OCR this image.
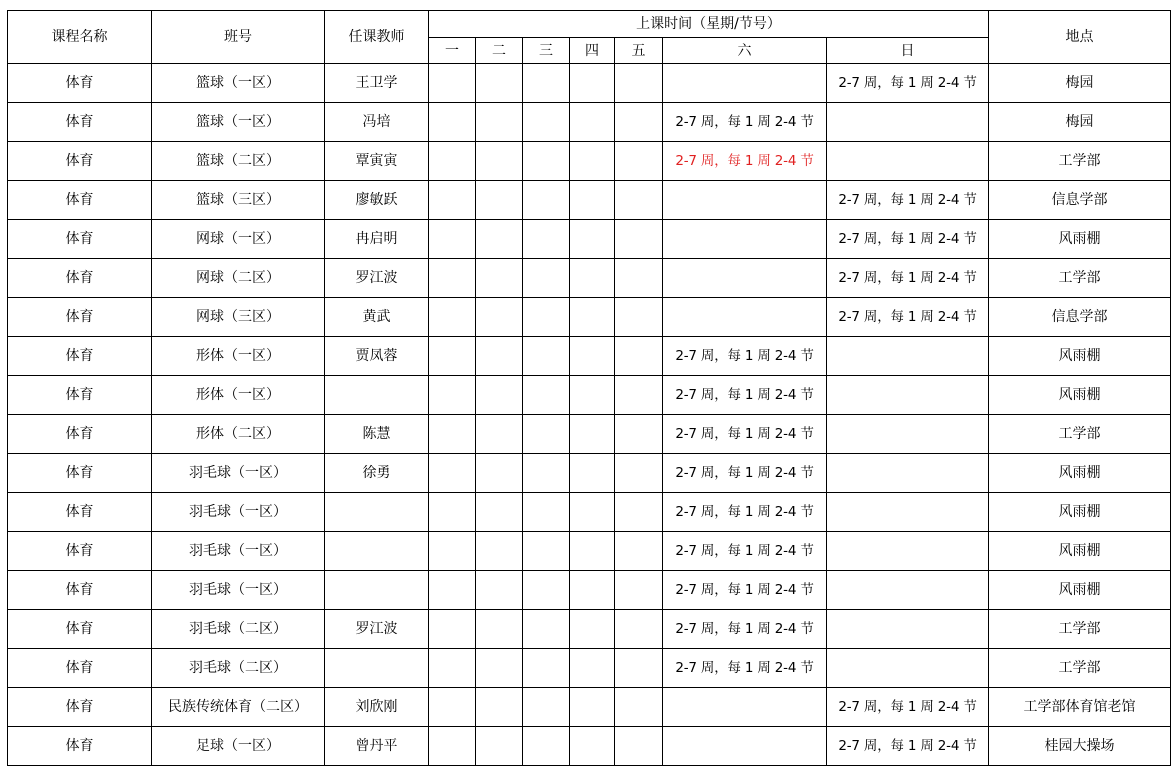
课程名称	班号	任课教师	上课时间（星期/节号）							地点
			一	二	三	四	五	六	日	
体育	篮球（一区）	王卫学							2-7 周，每 1 周 2-4 节	梅园
体育	篮球（一区）	冯培						2-7 周，每 1 周 2-4 节		梅园
体育	篮球（二区）	覃寅寅						2-7 周，每 1 周 2-4 节		工学部
体育	篮球（三区）	廖敏跃							2-7 周，每 1 周 2-4 节	信息学部
体育	网球（一区）	冉启明							2-7 周，每 1 周 2-4 节	风雨棚
体育	网球（二区）	罗江波							2-7 周，每 1 周 2-4 节	工学部
体育	网球（三区）	黄武							2-7 周，每 1 周 2-4 节	信息学部
体育	形体（一区）	贾凤蓉						2-7 周，每 1 周 2-4 节		风雨棚
体育	形体（一区）							2-7 周，每 1 周 2-4 节		风雨棚
体育	形体（二区）	陈慧						2-7 周，每 1 周 2-4 节		工学部
体育	羽毛球（一区）	徐勇						2-7 周，每 1 周 2-4 节		风雨棚
体育	羽毛球（一区）							2-7 周，每 1 周 2-4 节		风雨棚
体育	羽毛球（一区）							2-7 周，每 1 周 2-4 节		风雨棚
体育	羽毛球（一区）							2-7 周，每 1 周 2-4 节		风雨棚
体育	羽毛球（二区）	罗江波						2-7 周，每 1 周 2-4 节		工学部
体育	羽毛球（二区）							2-7 周，每 1 周 2-4 节		工学部
体育	民族传统体育（二区）	刘欣刚							2-7 周，每 1 周 2-4 节	工学部体育馆老馆
体育	足球（一区）	曾丹平							2-7 周，每 1 周 2-4 节	桂园大操场
